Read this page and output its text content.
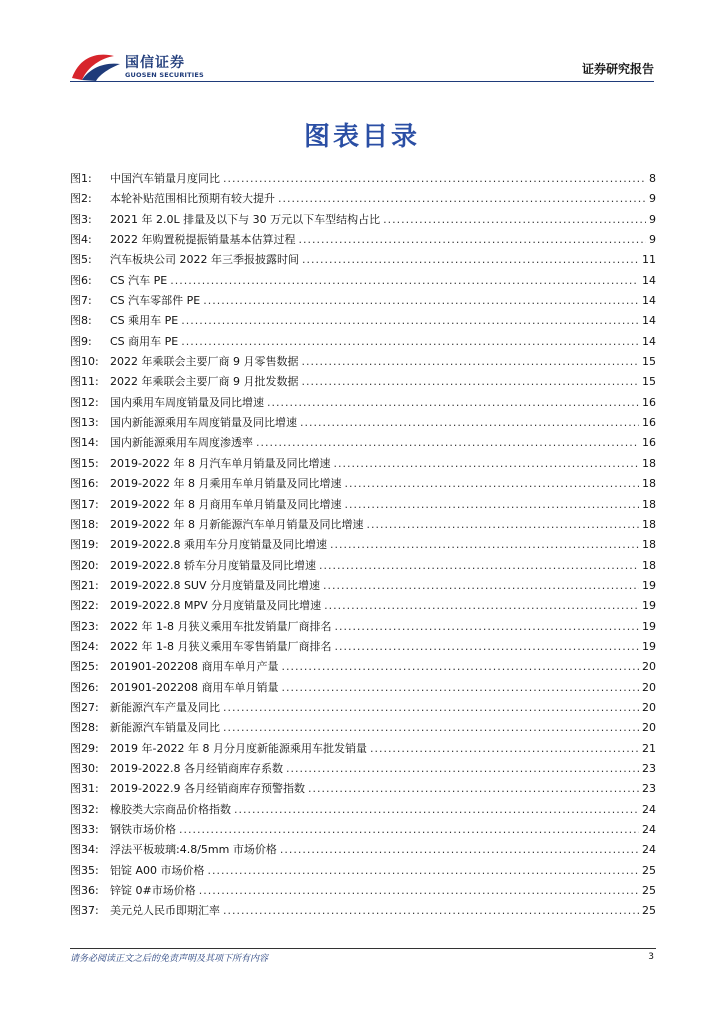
国信证券
GUOSEN SECURITIES	证券研究报告
图表目录
图1:	中国汽车销量月度同比 .....	8
图2:	本轮补贴范围相比预期有较大提升 .....	9
图3:	2021 年 2.0L 排量及以下与 30 万元以下车型结构占比 .....	9
图4:	2022 年购置税提振销量基本估算过程 .....	9
图5:	汽车板块公司 2022 年三季报披露时间 .....	11
图6:	CS 汽车 PE .....	14
图7:	CS 汽车零部件 PE .....	14
图8:	CS 乘用车 PE .....	14
图9:	CS 商用车 PE .....	14
图10:	2022 年乘联会主要厂商 9 月零售数据 .....	15
图11:	2022 年乘联会主要厂商 9 月批发数据 .....	15
图12:	国内乘用车周度销量及同比增速 .....	16
图13:	国内新能源乘用车周度销量及同比增速 .....	16
图14:	国内新能源乘用车周度渗透率 .....	16
图15:	2019-2022 年 8 月汽车单月销量及同比增速 .....	18
图16:	2019-2022 年 8 月乘用车单月销量及同比增速 .....	18
图17:	2019-2022 年 8 月商用车单月销量及同比增速 .....	18
图18:	2019-2022 年 8 月新能源汽车单月销量及同比增速 .....	18
图19:	2019-2022.8 乘用车分月度销量及同比增速 .....	18
图20:	2019-2022.8 轿车分月度销量及同比增速 .....	18
图21:	2019-2022.8 SUV 分月度销量及同比增速 .....	19
图22:	2019-2022.8 MPV 分月度销量及同比增速 .....	19
图23:	2022 年 1-8 月狭义乘用车批发销量厂商排名 .....	19
图24:	2022 年 1-8 月狭义乘用车零售销量厂商排名 .....	19
图25:	201901-202208 商用车单月产量 .....	20
图26:	201901-202208 商用车单月销量 .....	20
图27:	新能源汽车产量及同比 .....	20
图28:	新能源汽车销量及同比 .....	20
图29:	2019 年-2022 年 8 月分月度新能源乘用车批发销量 .....	21
图30:	2019-2022.8 各月经销商库存系数 .....	23
图31:	2019-2022.9 各月经销商库存预警指数 .....	23
图32:	橡胶类大宗商品价格指数 .....	24
图33:	钢铁市场价格 .....	24
图34:	浮法平板玻璃:4.8/5mm 市场价格 .....	24
图35:	铝锭 A00 市场价格 .....	25
图36:	锌锭 0#市场价格 .....	25
图37:	美元兑人民币即期汇率 .....	25
请务必阅读正文之后的免责声明及其项下所有内容	3
